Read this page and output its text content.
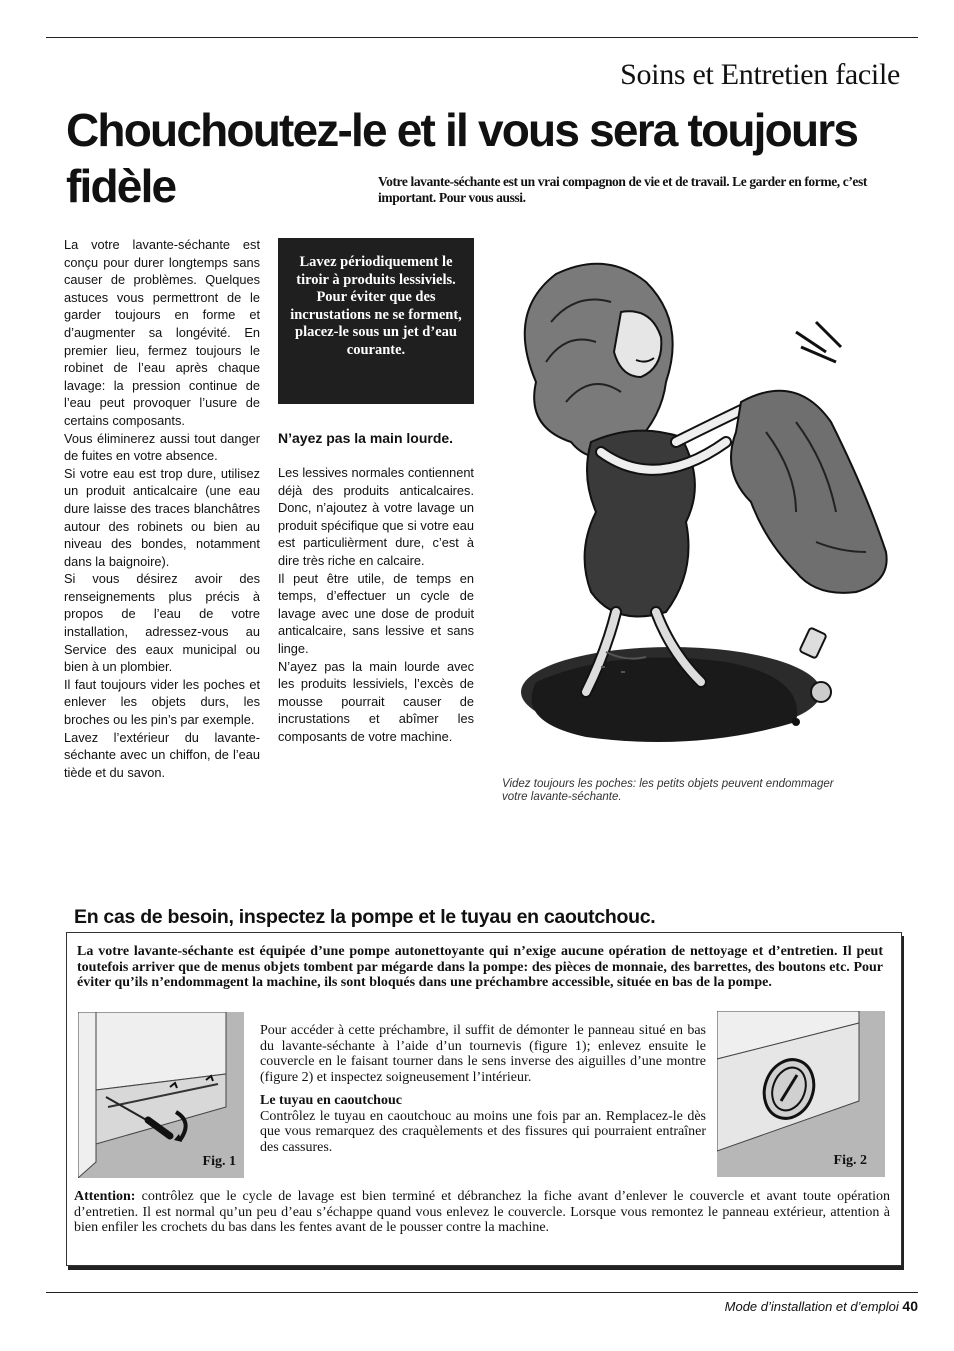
Soins et Entretien facile
Chouchoutez-le et il vous sera toujours fidèle	Votre lavante-séchante est un vrai compagnon de vie et de travail. Le garder en forme, c’est important. Pour vous aussi.

La votre lavante-séchante est conçu pour durer longtemps sans causer de problèmes. Quelques astuces vous permettront de le garder toujours en forme et d’augmenter sa longévité. En premier lieu, fermez toujours le robinet de l’eau après chaque lavage: la pression continue de l’eau peut provoquer l’usure de certains composants.

Vous éliminerez aussi tout danger de fuites en votre absence.

Si votre eau est trop dure, utilisez un produit anticalcaire (une eau dure laisse des traces blanchâtres autour des robinets ou bien au niveau des bondes, notamment dans la baignoire).

Si vous désirez avoir des renseignements plus précis à propos de l’eau de votre installation, adressez-vous au Service des eaux municipal ou bien à un plombier.

Il faut toujours vider les poches et enlever les objets durs, les broches ou les pin’s par exemple.

Lavez l’extérieur du lavante-séchante avec un chiffon, de l’eau tiède et du savon.

Lavez périodiquement le tiroir à produits lessiviels.
Pour éviter que des incrustations ne se forment, placez-le sous un jet d’eau courante.
N’ayez pas la main lourde.

Les lessives normales contiennent déjà des produits anticalcaires. Donc, n’ajoutez à votre lavage un produit spécifique que si votre eau est particulièrment dure, c’est à dire très riche en calcaire.

Il peut être utile, de temps en temps, d’effectuer un cycle de lavage avec une dose de produit anticalcaire, sans lessive et sans linge.

N’ayez pas la main lourde avec les produits lessiviels, l’excès de mousse pourrait causer de incrustations et abîmer les composants de votre machine.

Videz toujours les poches: les petits objets peuvent endommager votre lavante-séchante.
En cas de besoin, inspectez la pompe et le tuyau en caoutchouc.
La votre lavante-séchante est équipée d’une pompe autonettoyante qui n’exige aucune opération de nettoyage et d’entretien. Il peut toutefois arriver que de menus objets tombent par mégarde dans la pompe: des pièces de monnaie, des barrettes, des boutons etc. Pour éviter qu’ils n’endommagent la machine, ils sont bloqués dans une préchambre accessible, située en bas de la pompe.
Fig. 1

Pour accéder à cette préchambre, il suffit de démonter le panneau situé en bas du lavante-séchante à l’aide d’un tournevis (figure 1); enlevez ensuite le couvercle en le faisant tourner dans le sens inverse des aiguilles d’une montre (figure 2) et inspectez soigneusement l’intérieur.

Le tuyau en caoutchouc

Contrôlez le tuyau en caoutchouc au moins une fois par an. Remplacez-le dès que vous remarquez des craquèlements et des fissures qui pourraient entraîner des cassures.

Fig. 2
Attention: contrôlez que le cycle de lavage est bien terminé et débranchez la fiche avant d’enlever le couvercle et avant toute opération d’entretien. Il est normal qu’un peu d’eau s’échappe quand vous enlevez le couvercle. Lorsque vous remontez le panneau extérieur, attention à bien enfiler les crochets du bas dans les fentes avant de le pousser contre la machine.
Mode d’installation et d’emploi 40
